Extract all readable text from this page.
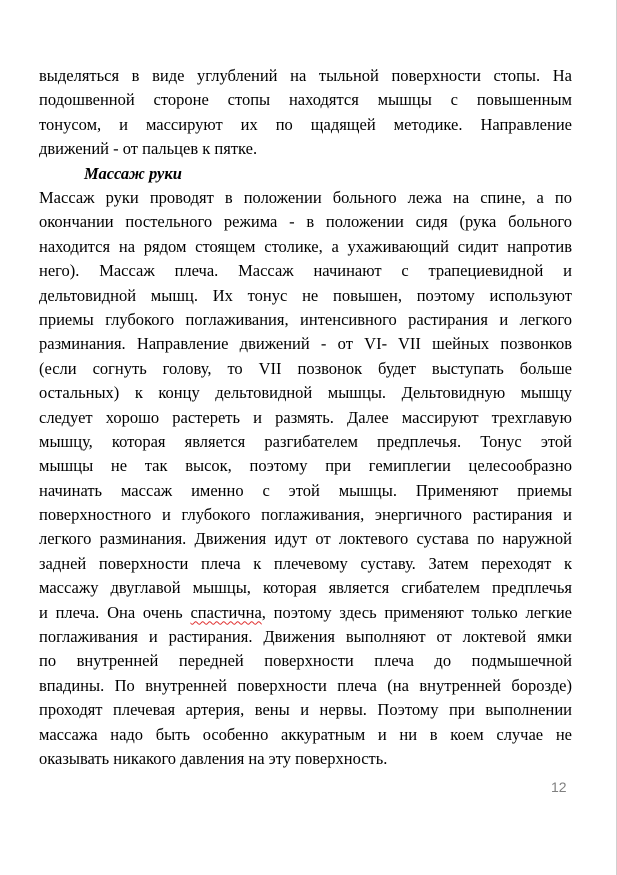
выделяться в виде углублений на тыльной поверхности стопы. На
подошвенной стороне стопы находятся мышцы с повышенным
тонусом, и массируют их по щадящей методике. Направление
движений - от пальцев к пятке.
Массаж руки
Массаж руки проводят в положении больного лежа на спине, а по
окончании постельного режима - в положении сидя (рука больного
находится на рядом стоящем столике, а ухаживающий сидит напротив
него). Массаж плеча. Массаж начинают с трапециевидной и
дельтовидной мышц. Их тонус не повышен, поэтому используют
приемы глубокого поглаживания, интенсивного растирания и легкого
разминания. Направление движений - от VI- VII шейных позвонков
(если согнуть голову, то VII позвонок будет выступать больше
остальных) к концу дельтовидной мышцы. Дельтовидную мышцу
следует хорошо растереть и размять. Далее массируют трехглавую
мышцу, которая является разгибателем предплечья. Тонус этой
мышцы не так высок, поэтому при гемиплегии целесообразно
начинать массаж именно с этой мышцы. Применяют приемы
поверхностного и глубокого поглаживания, энергичного растирания и
легкого разминания. Движения идут от локтевого сустава по наружной
задней поверхности плеча к плечевому суставу. Затем переходят к
массажу двуглавой мышцы, которая является сгибателем предплечья
и плеча. Она очень спастична, поэтому здесь применяют только легкие
поглаживания и растирания. Движения выполняют от локтевой ямки
по внутренней передней поверхности плеча до подмышечной
впадины. По внутренней поверхности плеча (на внутренней борозде)
проходят плечевая артерия, вены и нервы. Поэтому при выполнении
массажа надо быть особенно аккуратным и ни в коем случае не
оказывать никакого давления на эту поверхность.
12
